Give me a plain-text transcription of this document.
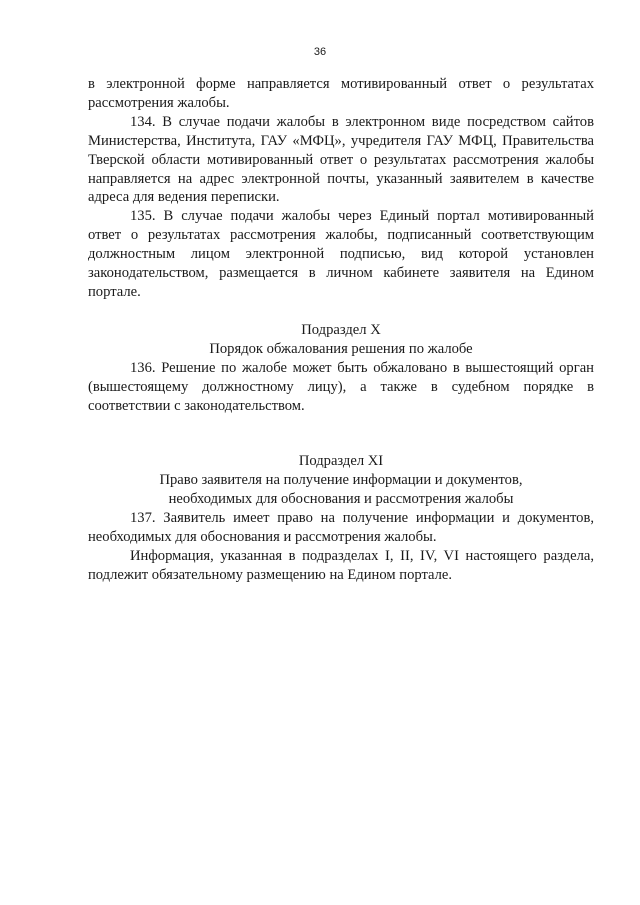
36

в электронной форме направляется мотивированный ответ о результатах рассмотрения жалобы.

134. В случае подачи жалобы в электронном виде посредством сайтов Министерства, Института, ГАУ «МФЦ», учредителя ГАУ МФЦ, Правительства Тверской области мотивированный ответ о результатах рассмотрения жалобы направляется на адрес электронной почты, указанный заявителем в качестве адреса для ведения переписки.

135. В случае подачи жалобы через Единый портал мотивированный ответ о результатах рассмотрения жалобы, подписанный соответствующим должностным лицом электронной подписью, вид которой установлен законодательством, размещается в личном кабинете заявителя на Едином портале.

Подраздел X

Порядок обжалования решения по жалобе

136. Решение по жалобе может быть обжаловано в вышестоящий орган (вышестоящему должностному лицу), а также в судебном порядке в соответствии с законодательством.

Подраздел XI

Право заявителя на получение информации и документов,

необходимых для обоснования и рассмотрения жалобы

137. Заявитель имеет право на получение информации и документов, необходимых для обоснования и рассмотрения жалобы.

Информация, указанная в подразделах I, II, IV, VI настоящего раздела, подлежит обязательному размещению на Едином портале.
